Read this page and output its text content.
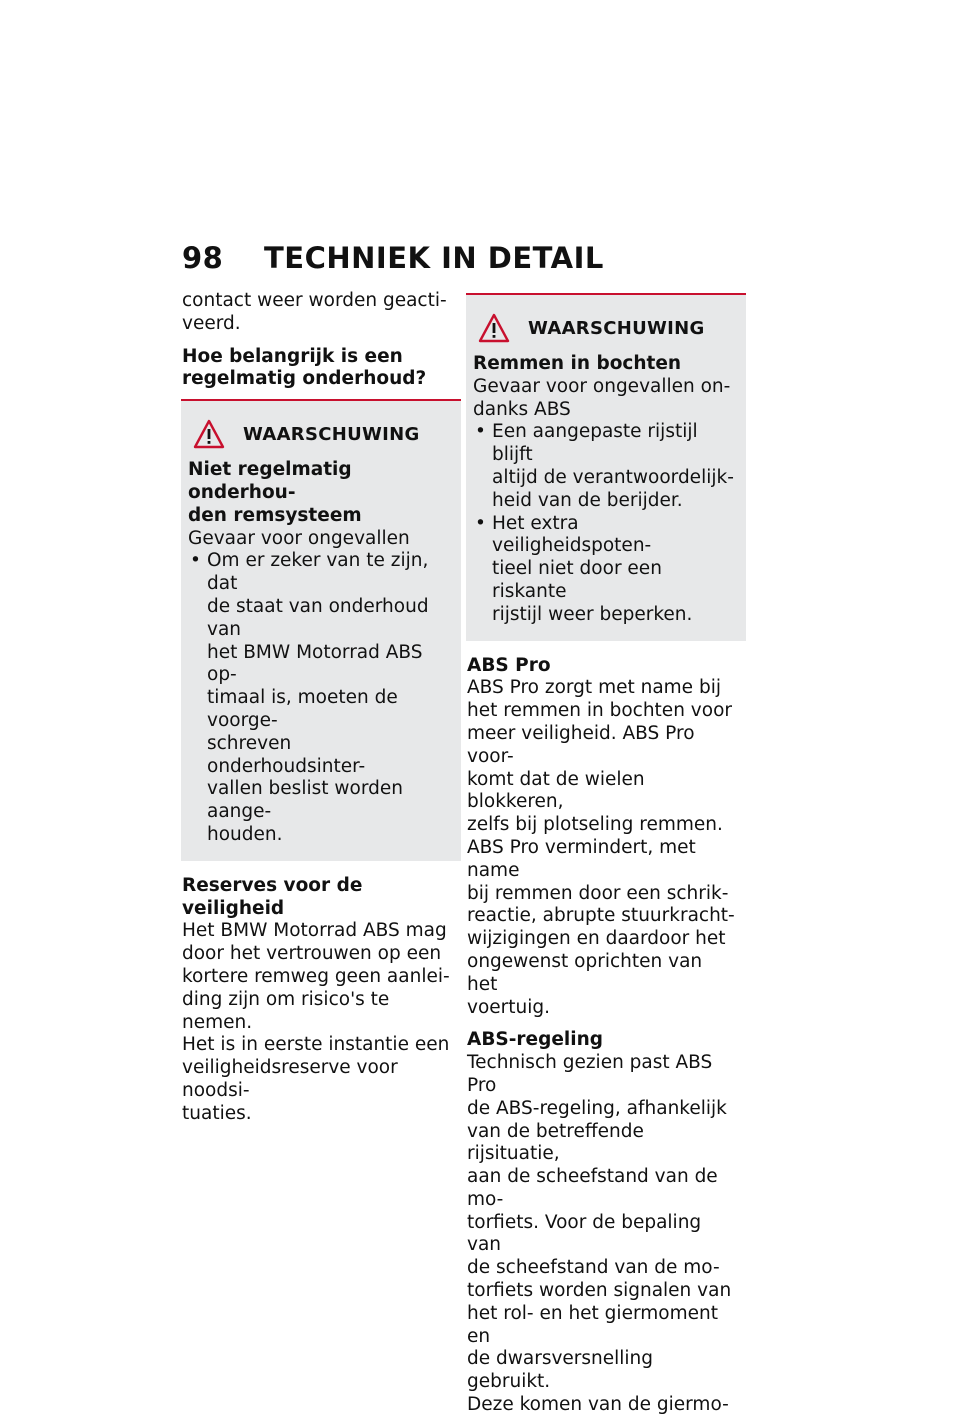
98 TECHNIEK IN DETAIL

contact weer worden geacti-

veerd.

Hoe belangrijk is een

regelmatig onderhoud?

WAARSCHUWING

Niet regelmatig onderhou-

den remsysteem

Gevaar voor ongevallen

• Om er zeker van te zijn, dat
de staat van onderhoud van
het BMW Motorrad ABS op-
timaal is, moeten de voorge-
schreven onderhoudsinter-
vallen beslist worden aange-
houden.

Reserves voor de veiligheid

Het BMW Motorrad ABS mag

door het vertrouwen op een

kortere remweg geen aanlei-

ding zijn om risico's te nemen.

Het is in eerste instantie een

veiligheidsreserve voor noodsi-

tuaties.

WAARSCHUWING

Remmen in bochten

Gevaar voor ongevallen on-

danks ABS

• Een aangepaste rijstijl blijft
altijd de verantwoordelijk-
heid van de berijder.
• Het extra veiligheidspoten-
tieel niet door een riskante
rijstijl weer beperken.

ABS Pro

ABS Pro zorgt met name bij

het remmen in bochten voor

meer veiligheid. ABS Pro voor-

komt dat de wielen blokkeren,

zelfs bij plotseling remmen.

ABS Pro vermindert, met name

bij remmen door een schrik-

reactie, abrupte stuurkracht-

wijzigingen en daardoor het

ongewenst oprichten van het

voertuig.

ABS-regeling

Technisch gezien past ABS Pro

de ABS-regeling, afhankelijk

van de betreffende rijsituatie,

aan de scheefstand van de mo-

torfiets. Voor de bepaling van

de scheefstand van de mo-

torfiets worden signalen van

het rol- en het giermoment en

de dwarsversnelling gebruikt.

Deze komen van de giermo-
